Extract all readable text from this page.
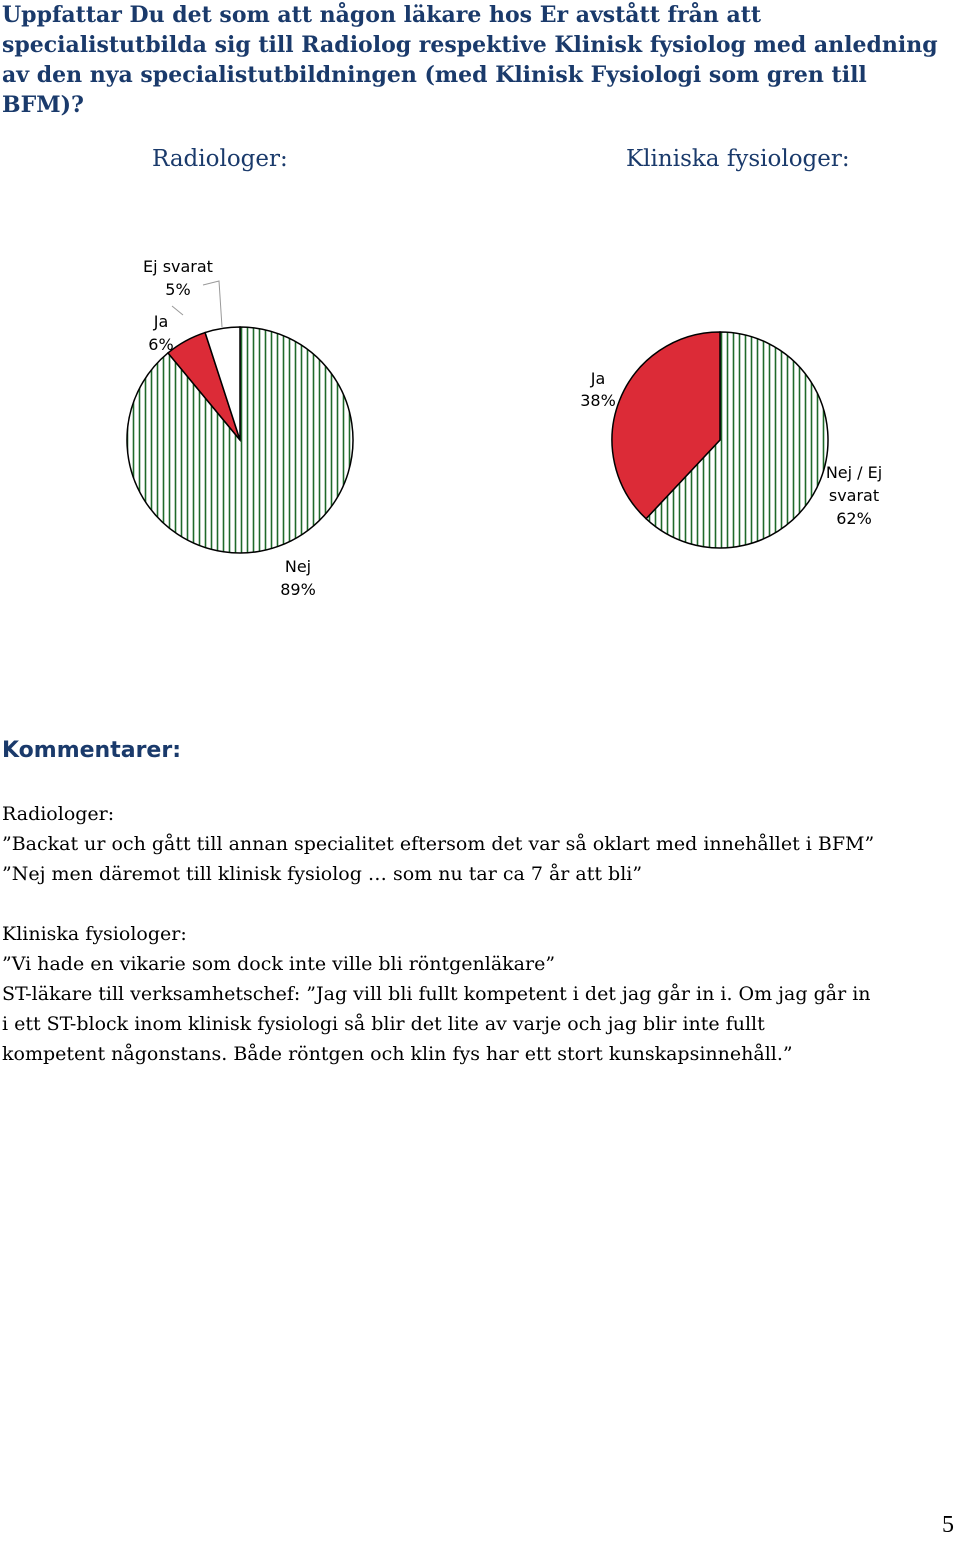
Uppfattar Du det som att någon läkare hos Er avstått från att specialistutbilda sig till Radiolog respektive Klinisk fysiolog med anledning av den nya specialistutbildningen (med Klinisk Fysiologi som gren till BFM)?

Radiologer:	Kliniska fysiologer:
Ej svarat
5%
Ja
6%
Nej
89%
Ja
38%
Nej / Ej
svarat
62%
Kommentarer:
Radiologer:
”Backat ur och gått till annan specialitet eftersom det var så oklart med innehållet i BFM”
”Nej men däremot till klinisk fysiolog … som nu tar ca 7 år att bli”
Kliniska fysiologer:
”Vi hade en vikarie som dock inte ville bli röntgenläkare”
ST-läkare till verksamhetschef: ”Jag vill bli fullt kompetent i det jag går in i. Om jag går in
i ett ST-block inom klinisk fysiologi så blir det lite av varje och jag blir inte fullt
kompetent någonstans. Både röntgen och klin fys har ett stort kunskapsinnehåll.”
5
